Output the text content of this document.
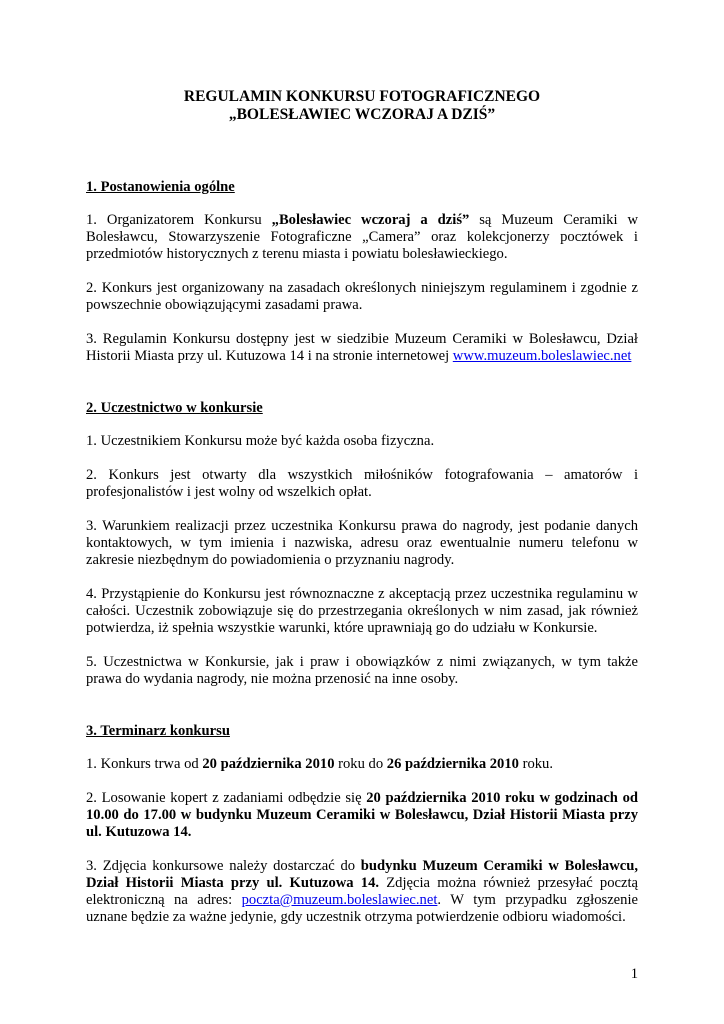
REGULAMIN KONKURSU FOTOGRAFICZNEGO
„BOLESŁAWIEC WCZORAJ A DZIŚ”
1. Postanowienia ogólne

1. Organizatorem Konkursu „Bolesławiec wczoraj a dziś” są Muzeum Ceramiki w Bolesławcu, Stowarzyszenie Fotograficzne „Camera” oraz kolekcjonerzy pocztówek i przedmiotów historycznych z terenu miasta i powiatu bolesławieckiego.

2. Konkurs jest organizowany na zasadach określonych niniejszym regulaminem i zgodnie z powszechnie obowiązującymi zasadami prawa.

3. Regulamin Konkursu dostępny jest w siedzibie Muzeum Ceramiki w Bolesławcu, Dział Historii Miasta przy ul. Kutuzowa 14 i na stronie internetowej www.muzeum.boleslawiec.net

2. Uczestnictwo w konkursie

1. Uczestnikiem Konkursu może być każda osoba fizyczna.

2. Konkurs jest otwarty dla wszystkich miłośników fotografowania – amatorów i profesjonalistów i jest wolny od wszelkich opłat.

3. Warunkiem realizacji przez uczestnika Konkursu prawa do nagrody, jest podanie danych kontaktowych, w tym imienia i nazwiska, adresu oraz ewentualnie numeru telefonu w zakresie niezbędnym do powiadomienia o przyznaniu nagrody.

4. Przystąpienie do Konkursu jest równoznaczne z akceptacją przez uczestnika regulaminu w całości. Uczestnik zobowiązuje się do przestrzegania określonych w nim zasad, jak również potwierdza, iż spełnia wszystkie warunki, które uprawniają go do udziału w Konkursie.

5. Uczestnictwa w Konkursie, jak i praw i obowiązków z nimi związanych, w tym także prawa do wydania nagrody, nie można przenosić na inne osoby.

3. Terminarz konkursu

1. Konkurs trwa od 20 października 2010 roku do 26 października 2010 roku.

2. Losowanie kopert z zadaniami odbędzie się 20 października 2010 roku w godzinach od 10.00 do 17.00 w budynku Muzeum Ceramiki w Bolesławcu, Dział Historii Miasta przy ul. Kutuzowa 14.

3. Zdjęcia konkursowe należy dostarczać do budynku Muzeum Ceramiki w Bolesławcu, Dział Historii Miasta przy ul. Kutuzowa 14. Zdjęcia można również przesyłać pocztą elektroniczną na adres: poczta@muzeum.boleslawiec.net. W tym przypadku zgłoszenie uznane będzie za ważne jedynie, gdy uczestnik otrzyma potwierdzenie odbioru wiadomości.

1
